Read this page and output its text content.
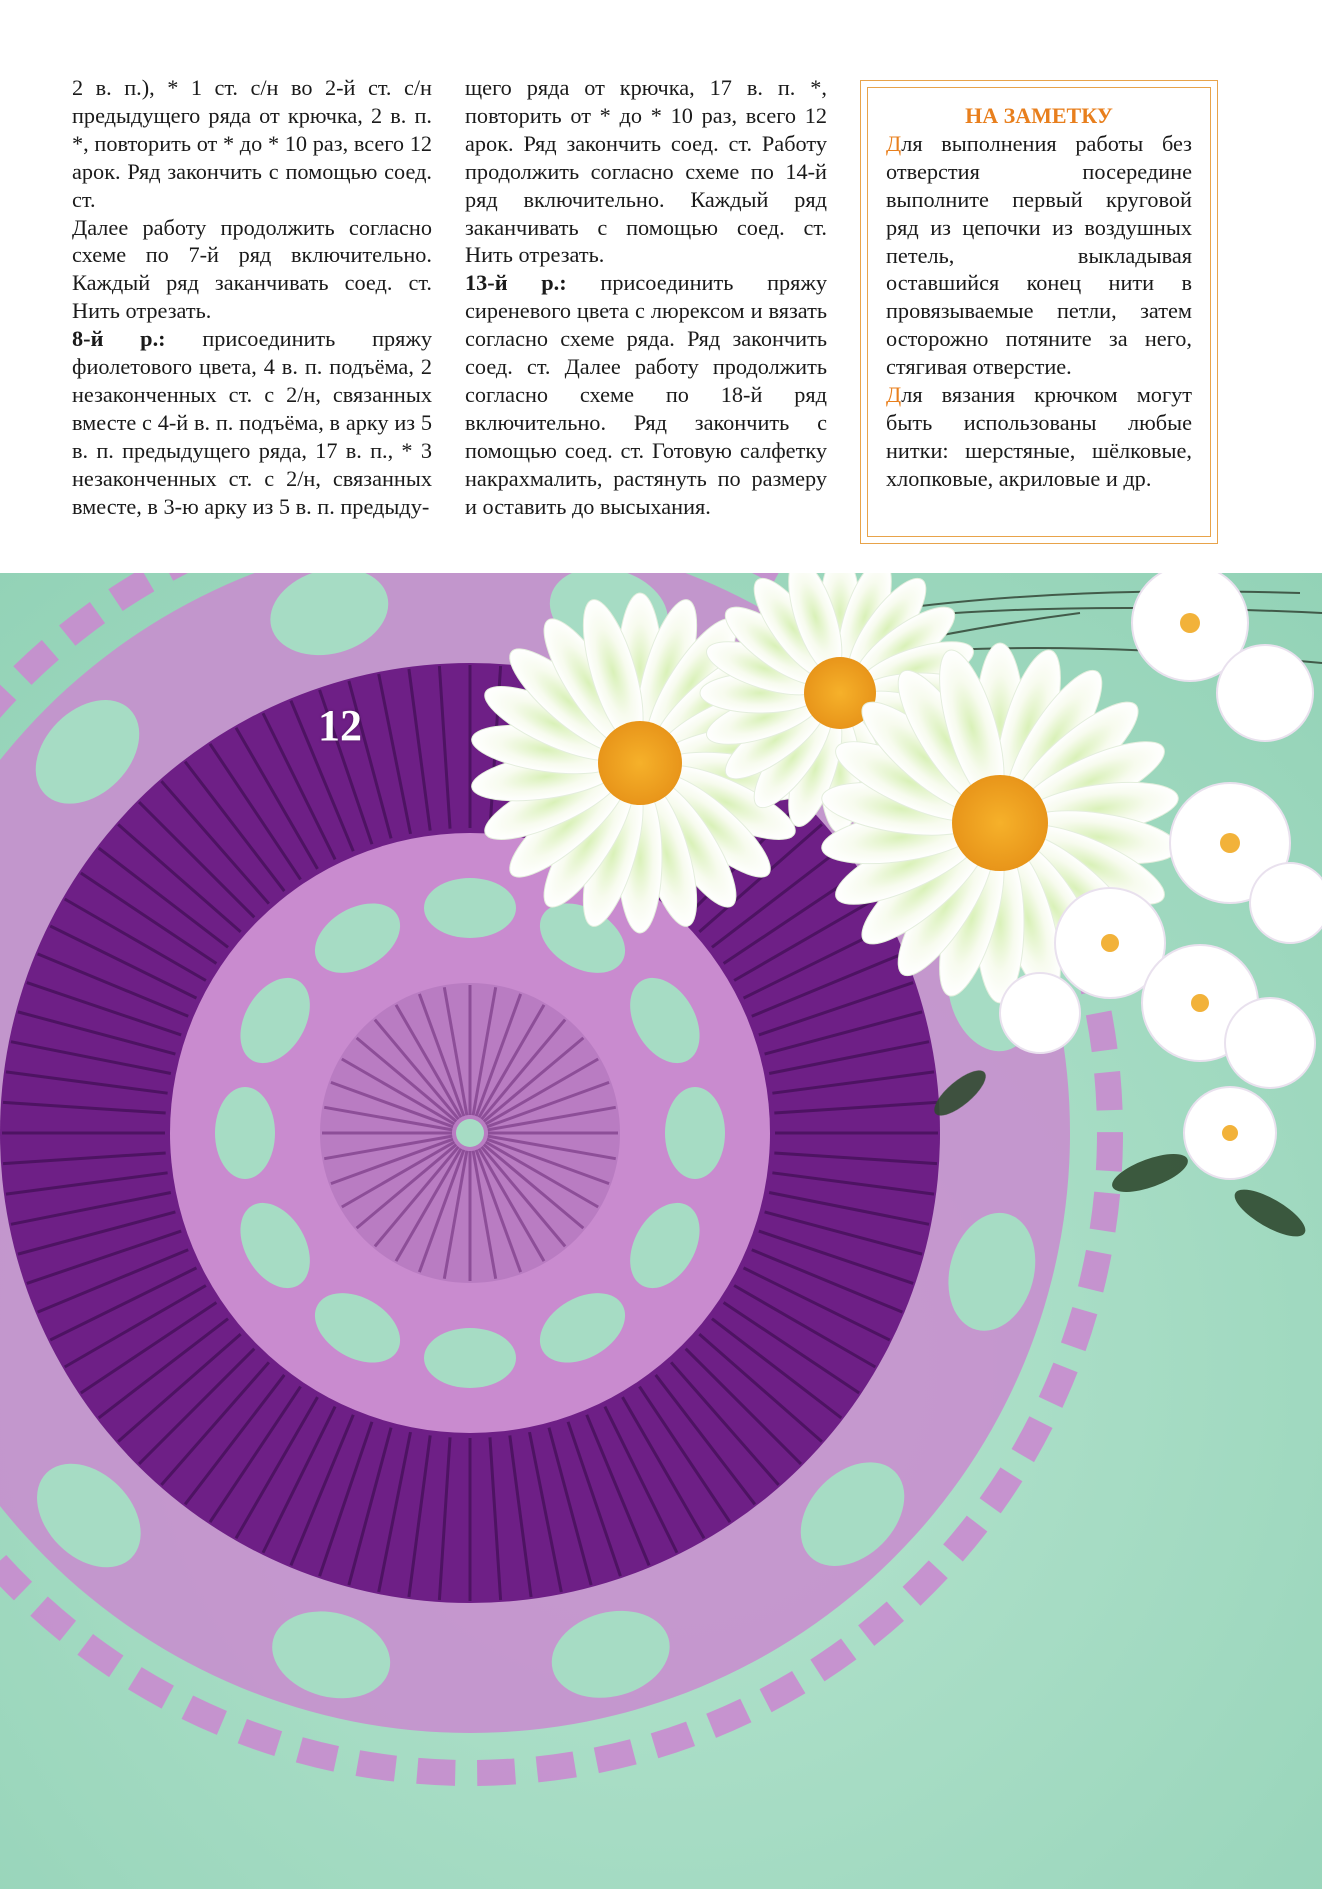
2 в. п.), * 1 ст. с/н во 2-й ст. с/н предыдущего ряда от крючка, 2 в. п. *, повторить от * до * 10 раз, всего 12 арок. Ряд закончить с помощью соед. ст.

Далее работу продолжить согласно схеме по 7-й ряд включительно. Каждый ряд заканчивать соед. ст. Нить отрезать.

8-й р.: присоединить пряжу фиолетового цвета, 4 в. п. подъёма, 2 незаконченных ст. с 2/н, связанных вместе с 4-й в. п. подъёма, в арку из 5 в. п. предыдущего ряда, 17 в. п., * 3 незаконченных ст. с 2/н, связанных вместе, в 3-ю арку из 5 в. п. предыду-

щего ряда от крючка, 17 в. п. *, повторить от * до * 10 раз, всего 12 арок. Ряд закончить соед. ст. Работу продолжить согласно схеме по 14-й ряд включительно. Каждый ряд заканчивать с помощью соед. ст. Нить отрезать.

13-й р.: присоединить пряжу сиреневого цвета с люрексом и вязать согласно схеме ряда. Ряд закончить соед. ст. Далее работу продолжить согласно схеме по 18-й ряд включительно. Ряд закончить с помощью соед. ст. Готовую салфетку накрахмалить, растянуть по размеру и оставить до высыхания.

НА ЗАМЕТКУ

Для выполнения работы без отверстия посередине выполните первый круговой ряд из цепочки из воздушных петель, выкладывая оставшийся конец нити в провязываемые петли, затем осторожно потяните за него, стягивая отверстие.

Для вязания крючком могут быть использованы любые нитки: шерстяные, шёлковые, хлопковые, акриловые и др.

12
